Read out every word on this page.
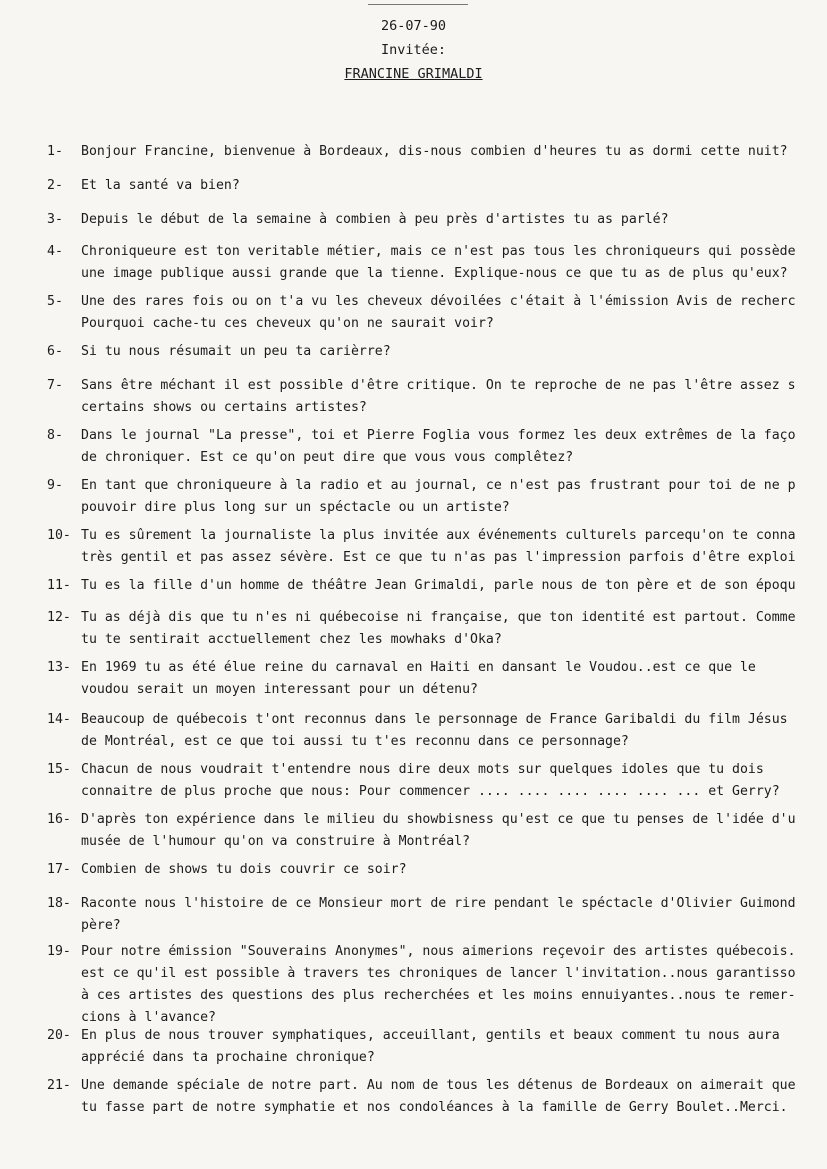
26-07-90
Invitée:
FRANCINE GRIMALDI
1-	Bonjour Francine, bienvenue à Bordeaux, dis-nous combien d'heures tu as dormi cette nuit?
2-	Et la santé va bien?
3-	Depuis le début de la semaine à combien à peu près d'artistes tu as parlé?
4-	Chroniqueure est ton veritable métier, mais ce n'est pas tous les chroniqueurs qui possède
une image publique aussi grande que la tienne. Explique-nous ce que tu as de plus qu'eux?
5-	Une des rares fois ou on t'a vu les cheveux dévoilées c'était à l'émission Avis de recherc
Pourquoi cache-tu ces cheveux qu'on ne saurait voir?
6-	Si tu nous résumait un peu ta carièrre?
7-	Sans être méchant il est possible d'être critique. On te reproche de ne pas l'être assez s
certains shows ou certains artistes?
8-	Dans le journal "La presse", toi et Pierre Foglia vous formez les deux extrêmes de la faço
de chroniquer. Est ce qu'on peut dire que vous vous complêtez?
9-	En tant que chroniqueure à la radio et au journal, ce n'est pas frustrant pour toi de ne p
pouvoir dire plus long sur un spéctacle ou un artiste?
10- Tu es sûrement la journaliste la plus invitée aux événements culturels parcequ'on te conna
très gentil et pas assez sévère. Est ce que tu n'as pas l'impression parfois d'être exploi
11- Tu es la fille d'un homme de théâtre Jean Grimaldi, parle nous de ton père et de son époqu
12- Tu as déjà dis que tu n'es ni québecoise ni française, que ton identité est partout. Comme
tu te sentirait acctuellement chez les mowhaks d'Oka?
13- En 1969 tu as été élue reine du carnaval en Haiti en dansant le Voudou..est ce que le
voudou serait un moyen interessant pour un détenu?
14- Beaucoup de québecois t'ont reconnus dans le personnage de France Garibaldi du film Jésus
de Montréal, est ce que toi aussi tu t'es reconnu dans ce personnage?
15- Chacun de nous voudrait t'entendre nous dire deux mots sur quelques idoles que tu dois
connaitre de plus proche que nous: Pour commencer .... .... .... .... .... ... et Gerry?
16- D'après ton expérience dans le milieu du showbisness qu'est ce que tu penses de l'idée d'u
musée de l'humour qu'on va construire à Montréal?
17- Combien de shows tu dois couvrir ce soir?
18- Raconte nous l'histoire de ce Monsieur mort de rire pendant le spéctacle d'Olivier Guimond
père?
19- Pour notre émission "Souverains Anonymes", nous aimerions reçevoir des artistes québecois.
est ce qu'il est possible à travers tes chroniques de lancer l'invitation..nous garantisso
à ces artistes des questions des plus recherchées et les moins ennuiyantes..nous te remer-
cions à l'avance?
20- En plus de nous trouver symphatiques, acceuillant, gentils et beaux comment tu nous aura
apprécié dans ta prochaine chronique?
21- Une demande spéciale de notre part. Au nom de tous les détenus de Bordeaux on aimerait que
tu fasse part de notre symphatie et nos condoléances à la famille de Gerry Boulet..Merci.
